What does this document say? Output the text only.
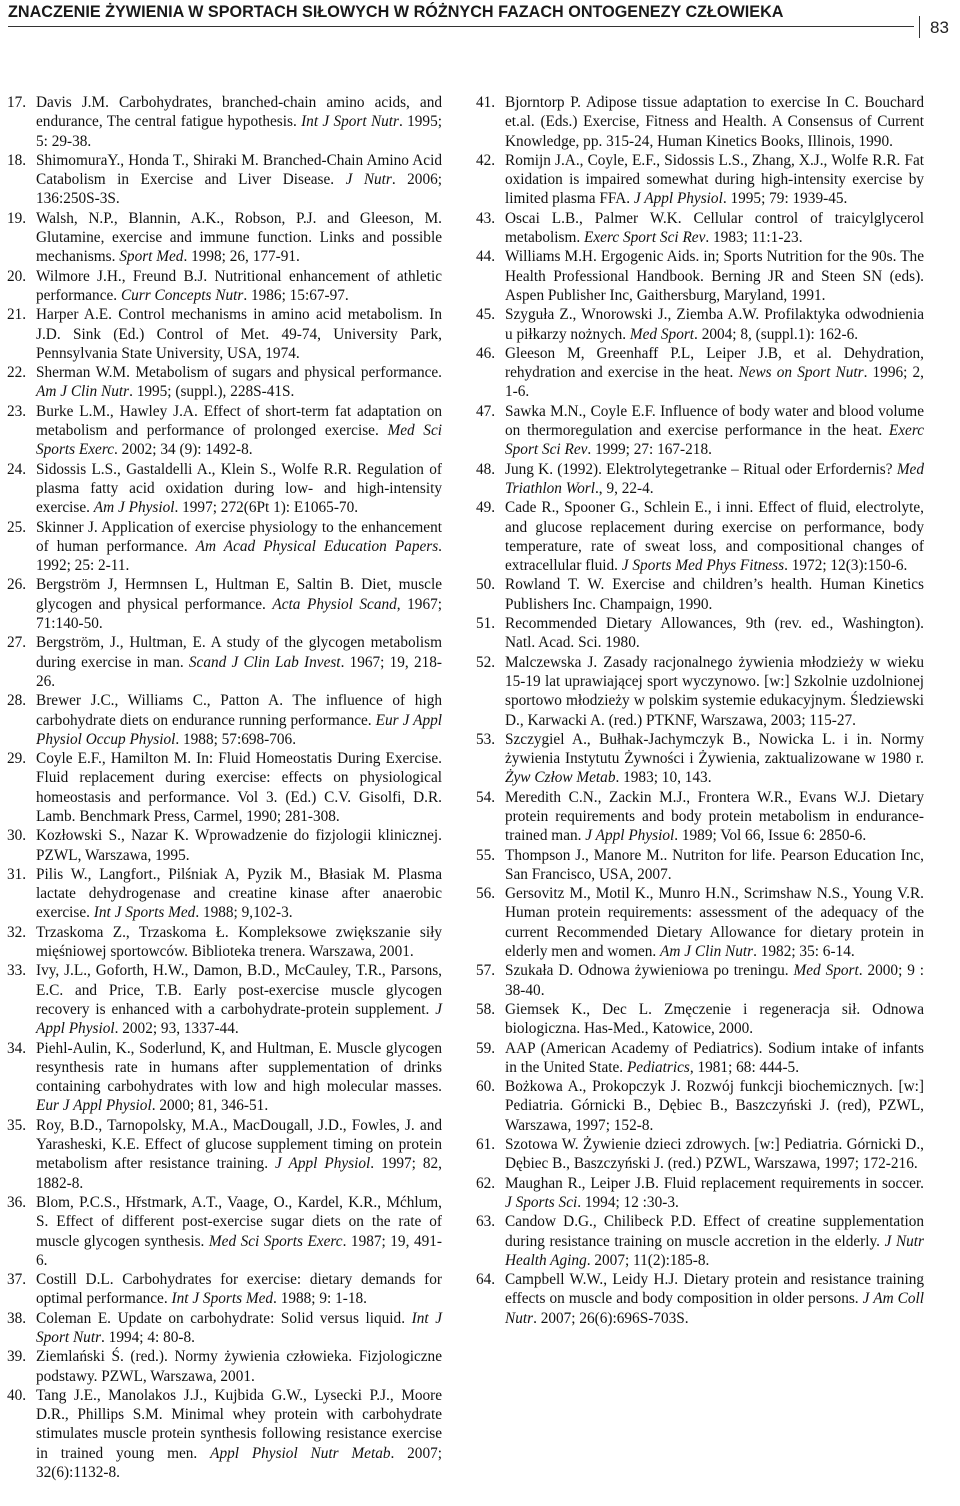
ZNACZENIE ŻYWIENIA W SPORTACH SIŁOWYCH W RÓŻNYCH FAZACH ONTOGENEZY CZŁOWIEKA
83

17. Davis J.M. Carbohydrates, branched-chain amino acids, and endurance, The central fatigue hypothesis. Int J Sport Nutr. 1995; 5: 29-38.

18. ShimomuraY., Honda T., Shiraki M. Branched-Chain Amino Acid Catabolism in Exercise and Liver Disease. J Nutr. 2006; 136:250S-3S.

19. Walsh, N.P., Blannin, A.K., Robson, P.J. and Gleeson, M. Glutamine, exercise and immune function. Links and possible mechanisms. Sport Med. 1998; 26, 177-91.

20. Wilmore J.H., Freund B.J. Nutritional enhancement of athletic performance. Curr Concepts Nutr. 1986; 15:67-97.

21. Harper A.E. Control mechanisms in amino acid metabolism. In J.D. Sink (Ed.) Control of Met. 49-74, University Park, Pennsylvania State University, USA, 1974.

22. Sherman W.M. Metabolism of sugars and physical performance. Am J Clin Nutr. 1995; (suppl.), 228S-41S.

23. Burke L.M., Hawley J.A. Effect of short-term fat adaptation on metabolism and performance of prolonged exercise. Med Sci Sports Exerc. 2002; 34 (9): 1492-8.

24. Sidossis L.S., Gastaldelli A., Klein S., Wolfe R.R. Regulation of plasma fatty acid oxidation during low- and high-intensity exercise. Am J Physiol. 1997; 272(6Pt 1): E1065-70.

25. Skinner J. Application of exercise physiology to the enhancement of human performance. Am Acad Physical Education Papers. 1992; 25: 2-11.

26. Bergström J, Hermnsen L, Hultman E, Saltin B. Diet, muscle glycogen and physical performance. Acta Physiol Scand, 1967; 71:140-50.

27. Bergström, J., Hultman, E. A study of the glycogen metabolism during exercise in man. Scand J Clin Lab Invest. 1967; 19, 218-26.

28. Brewer J.C., Williams C., Patton A. The influence of high carbohydrate diets on endurance running performance. Eur J Appl Physiol Occup Physiol. 1988; 57:698-706.

29. Coyle E.F., Hamilton M. In: Fluid Homeostatis During Exercise. Fluid replacement during exercise: effects on physiological homeostasis and performance. Vol 3. (Ed.) C.V. Gisolfi, D.R. Lamb. Benchmark Press, Carmel, 1990; 281-308.

30. Kozłowski S., Nazar K. Wprowadzenie do fizjologii klinicznej. PZWL, Warszawa, 1995.

31. Pilis W., Langfort., Pilśniak A, Pyzik M., Błasiak M. Plasma lactate dehydrogenase and creatine kinase after anaerobic exercise. Int J Sports Med. 1988; 9,102-3.

32. Trzaskoma Z., Trzaskoma Ł. Kompleksowe zwiększanie siły mięśniowej sportowców. Biblioteka trenera. Warszawa, 2001.

33. Ivy, J.L., Goforth, H.W., Damon, B.D., McCauley, T.R., Parsons, E.C. and Price, T.B. Early post-exercise muscle glycogen recovery is enhanced with a carbohydrate-protein supplement. J Appl Physiol. 2002; 93, 1337-44.

34. Piehl-Aulin, K., Soderlund, K, and Hultman, E. Muscle glycogen resynthesis rate in humans after supplementation of drinks containing carbohydrates with low and high molecular masses. Eur J Appl Physiol. 2000; 81, 346-51.

35. Roy, B.D., Tarnopolsky, M.A., MacDougall, J.D., Fowles, J. and Yarasheski, K.E. Effect of glucose supplement timing on protein metabolism after resistance training. J Appl Physiol. 1997; 82, 1882-8.

36. Blom, P.C.S., Hřstmark, A.T., Vaage, O., Kardel, K.R., Mćhlum, S. Effect of different post-exercise sugar diets on the rate of muscle glycogen synthesis. Med Sci Sports Exerc. 1987; 19, 491-6.

37. Costill D.L. Carbohydrates for exercise: dietary demands for optimal performance. Int J Sports Med. 1988; 9: 1-18.

38. Coleman E. Update on carbohydrate: Solid versus liquid. Int J Sport Nutr. 1994; 4: 80-8.

39. Ziemlański Ś. (red.). Normy żywienia człowieka. Fizjologiczne podstawy. PZWL, Warszawa, 2001.

40. Tang J.E., Manolakos J.J., Kujbida G.W., Lysecki P.J., Moore D.R., Phillips S.M. Minimal whey protein with carbohydrate stimulates muscle protein synthesis following resistance exercise in trained young men. Appl Physiol Nutr Metab. 2007; 32(6):1132-8.

41. Bjorntorp P. Adipose tissue adaptation to exercise In C. Bouchard et.al. (Eds.) Exercise, Fitness and Health. A Consensus of Current Knowledge, pp. 315-24, Human Kinetics Books, Illinois, 1990.

42. Romijn J.A., Coyle, E.F., Sidossis L.S., Zhang, X.J., Wolfe R.R. Fat oxidation is impaired somewhat during high-intensity exercise by limited plasma FFA. J Appl Physiol. 1995; 79: 1939-45.

43. Oscai L.B., Palmer W.K. Cellular control of traicylglycerol metabolism. Exerc Sport Sci Rev. 1983; 11:1-23.

44. Williams M.H. Ergogenic Aids. in; Sports Nutrition for the 90s. The Health Professional Handbook. Berning JR and Steen SN (eds). Aspen Publisher Inc, Gaithersburg, Maryland, 1991.

45. Szyguła Z., Wnorowski J., Ziemba A.W. Profilaktyka odwodnienia u piłkarzy nożnych. Med Sport. 2004; 8, (suppl.1): 162-6.

46. Gleeson M, Greenhaff P.L, Leiper J.B, et al. Dehydration, rehydration and exercise in the heat. News on Sport Nutr. 1996; 2, 1-6.

47. Sawka M.N., Coyle E.F. Influence of body water and blood volume on thermoregulation and exercise performance in the heat. Exerc Sport Sci Rev. 1999; 27: 167-218.

48. Jung K. (1992). Elektrolytegetranke – Ritual oder Erfordernis? Med Triathlon Worl., 9, 22-4.

49. Cade R., Spooner G., Schlein E., i inni. Effect of fluid, electrolyte, and glucose replacement during exercise on performance, body temperature, rate of sweat loss, and compositional changes of extracellular fluid. J Sports Med Phys Fitness. 1972; 12(3):150-6.

50. Rowland T. W. Exercise and children’s health. Human Kinetics Publishers Inc. Champaign, 1990.

51. Recommended Dietary Allowances, 9th (rev. ed., Washington). Natl. Acad. Sci. 1980.

52. Malczewska J. Zasady racjonalnego żywienia młodzieży w wieku 15-19 lat uprawiającej sport wyczynowo. [w:] Szkolnie uzdolnionej sportowo młodzieży w polskim systemie edukacyjnym. Śledziewski D., Karwacki A. (red.) PTKNF, Warszawa, 2003; 115-27.

53. Szczygiel A., Bułhak-Jachymczyk B., Nowicka L. i in. Normy żywienia Instytutu Żywności i Żywienia, zaktualizowane w 1980 r. Żyw Człow Metab. 1983; 10, 143.

54. Meredith C.N., Zackin M.J., Frontera W.R., Evans W.J. Dietary protein requirements and body protein metabolism in endurance-trained man. J Appl Physiol. 1989; Vol 66, Issue 6: 2850-6.

55. Thompson J., Manore M.. Nutriton for life. Pearson Education Inc, San Francisco, USA, 2007.

56. Gersovitz M., Motil K., Munro H.N., Scrimshaw N.S., Young V.R. Human protein requirements: assessment of the adequacy of the current Recommended Dietary Allowance for dietary protein in elderly men and women. Am J Clin Nutr. 1982; 35: 6-14.

57. Szukała D. Odnowa żywieniowa po treningu. Med Sport. 2000; 9 : 38-40.

58. Giemsek K., Dec L. Zmęczenie i regeneracja sił. Odnowa biologiczna. Has-Med., Katowice, 2000.

59. AAP (American Academy of Pediatrics). Sodium intake of infants in the United State. Pediatrics, 1981; 68: 444-5.

60. Bożkowa A., Prokopczyk J. Rozwój funkcji biochemicznych. [w:] Pediatria. Górnicki B., Dębiec B., Baszczyński J. (red), PZWL, Warszawa, 1997; 152-8.

61. Szotowa W. Żywienie dzieci zdrowych. [w:] Pediatria. Górnicki D., Dębiec B., Baszczyński J. (red.) PZWL, Warszawa, 1997; 172-216.

62. Maughan R., Leiper J.B. Fluid replacement requirements in soccer. J Sports Sci. 1994; 12 :30-3.

63. Candow D.G., Chilibeck P.D. Effect of creatine supplementation during resistance training on muscle accretion in the elderly. J Nutr Health Aging. 2007; 11(2):185-8.

64. Campbell W.W., Leidy H.J. Dietary protein and resistance training effects on muscle and body composition in older persons. J Am Coll Nutr. 2007; 26(6):696S-703S.
